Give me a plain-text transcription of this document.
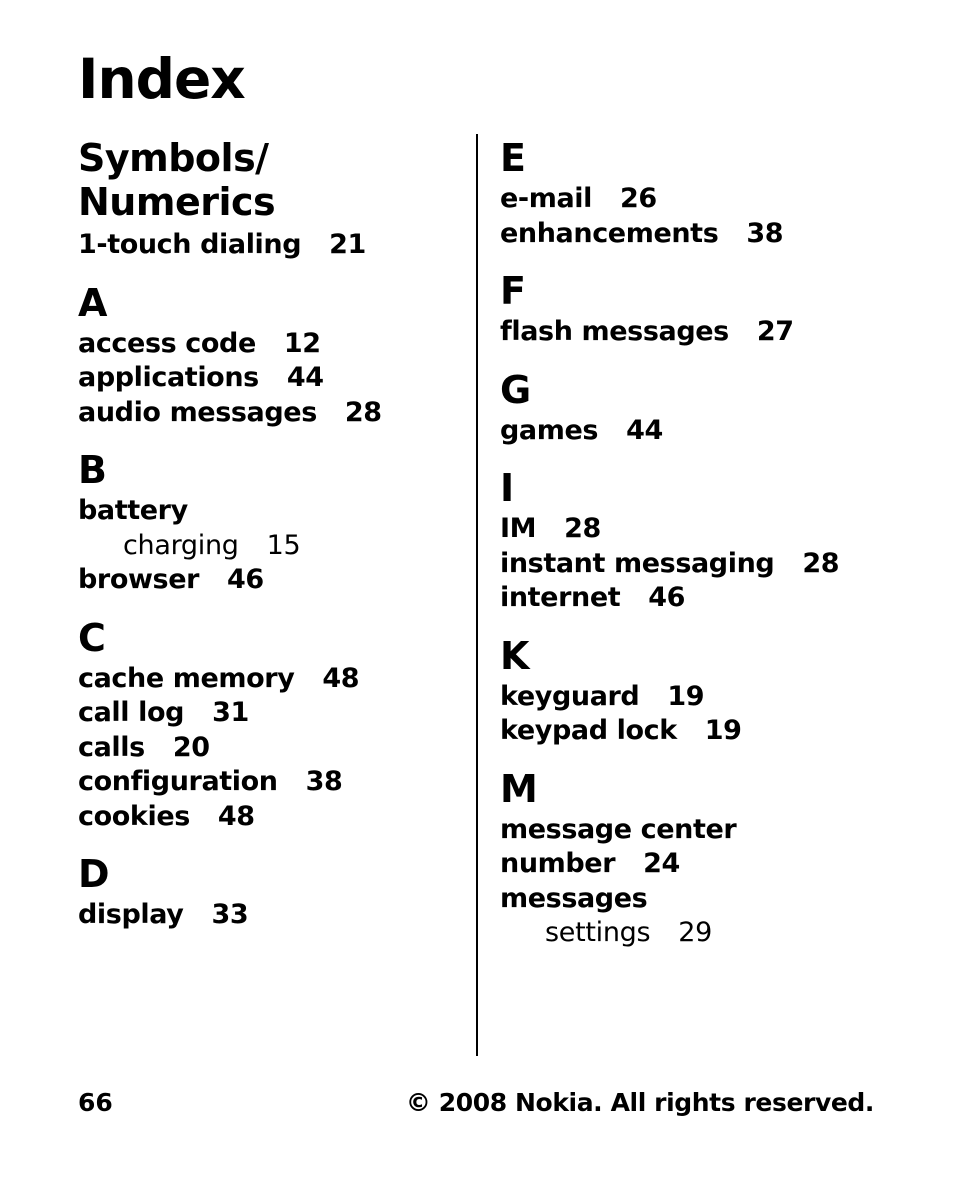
Index
Symbols/
Numerics
1-touch dialing 21
A
access code 12
applications 44
audio messages 28
B
battery
charging 15
browser 46
C
cache memory 48
call log 31
calls 20
configuration 38
cookies 48
D
display 33
E
e-mail 26
enhancements 38
F
flash messages 27
G
games 44
I
IM 28
instant messaging 28
internet 46
K
keyguard 19
keypad lock 19
M
message center
number 24
messages
settings 29
66	© 2008 Nokia. All rights reserved.
